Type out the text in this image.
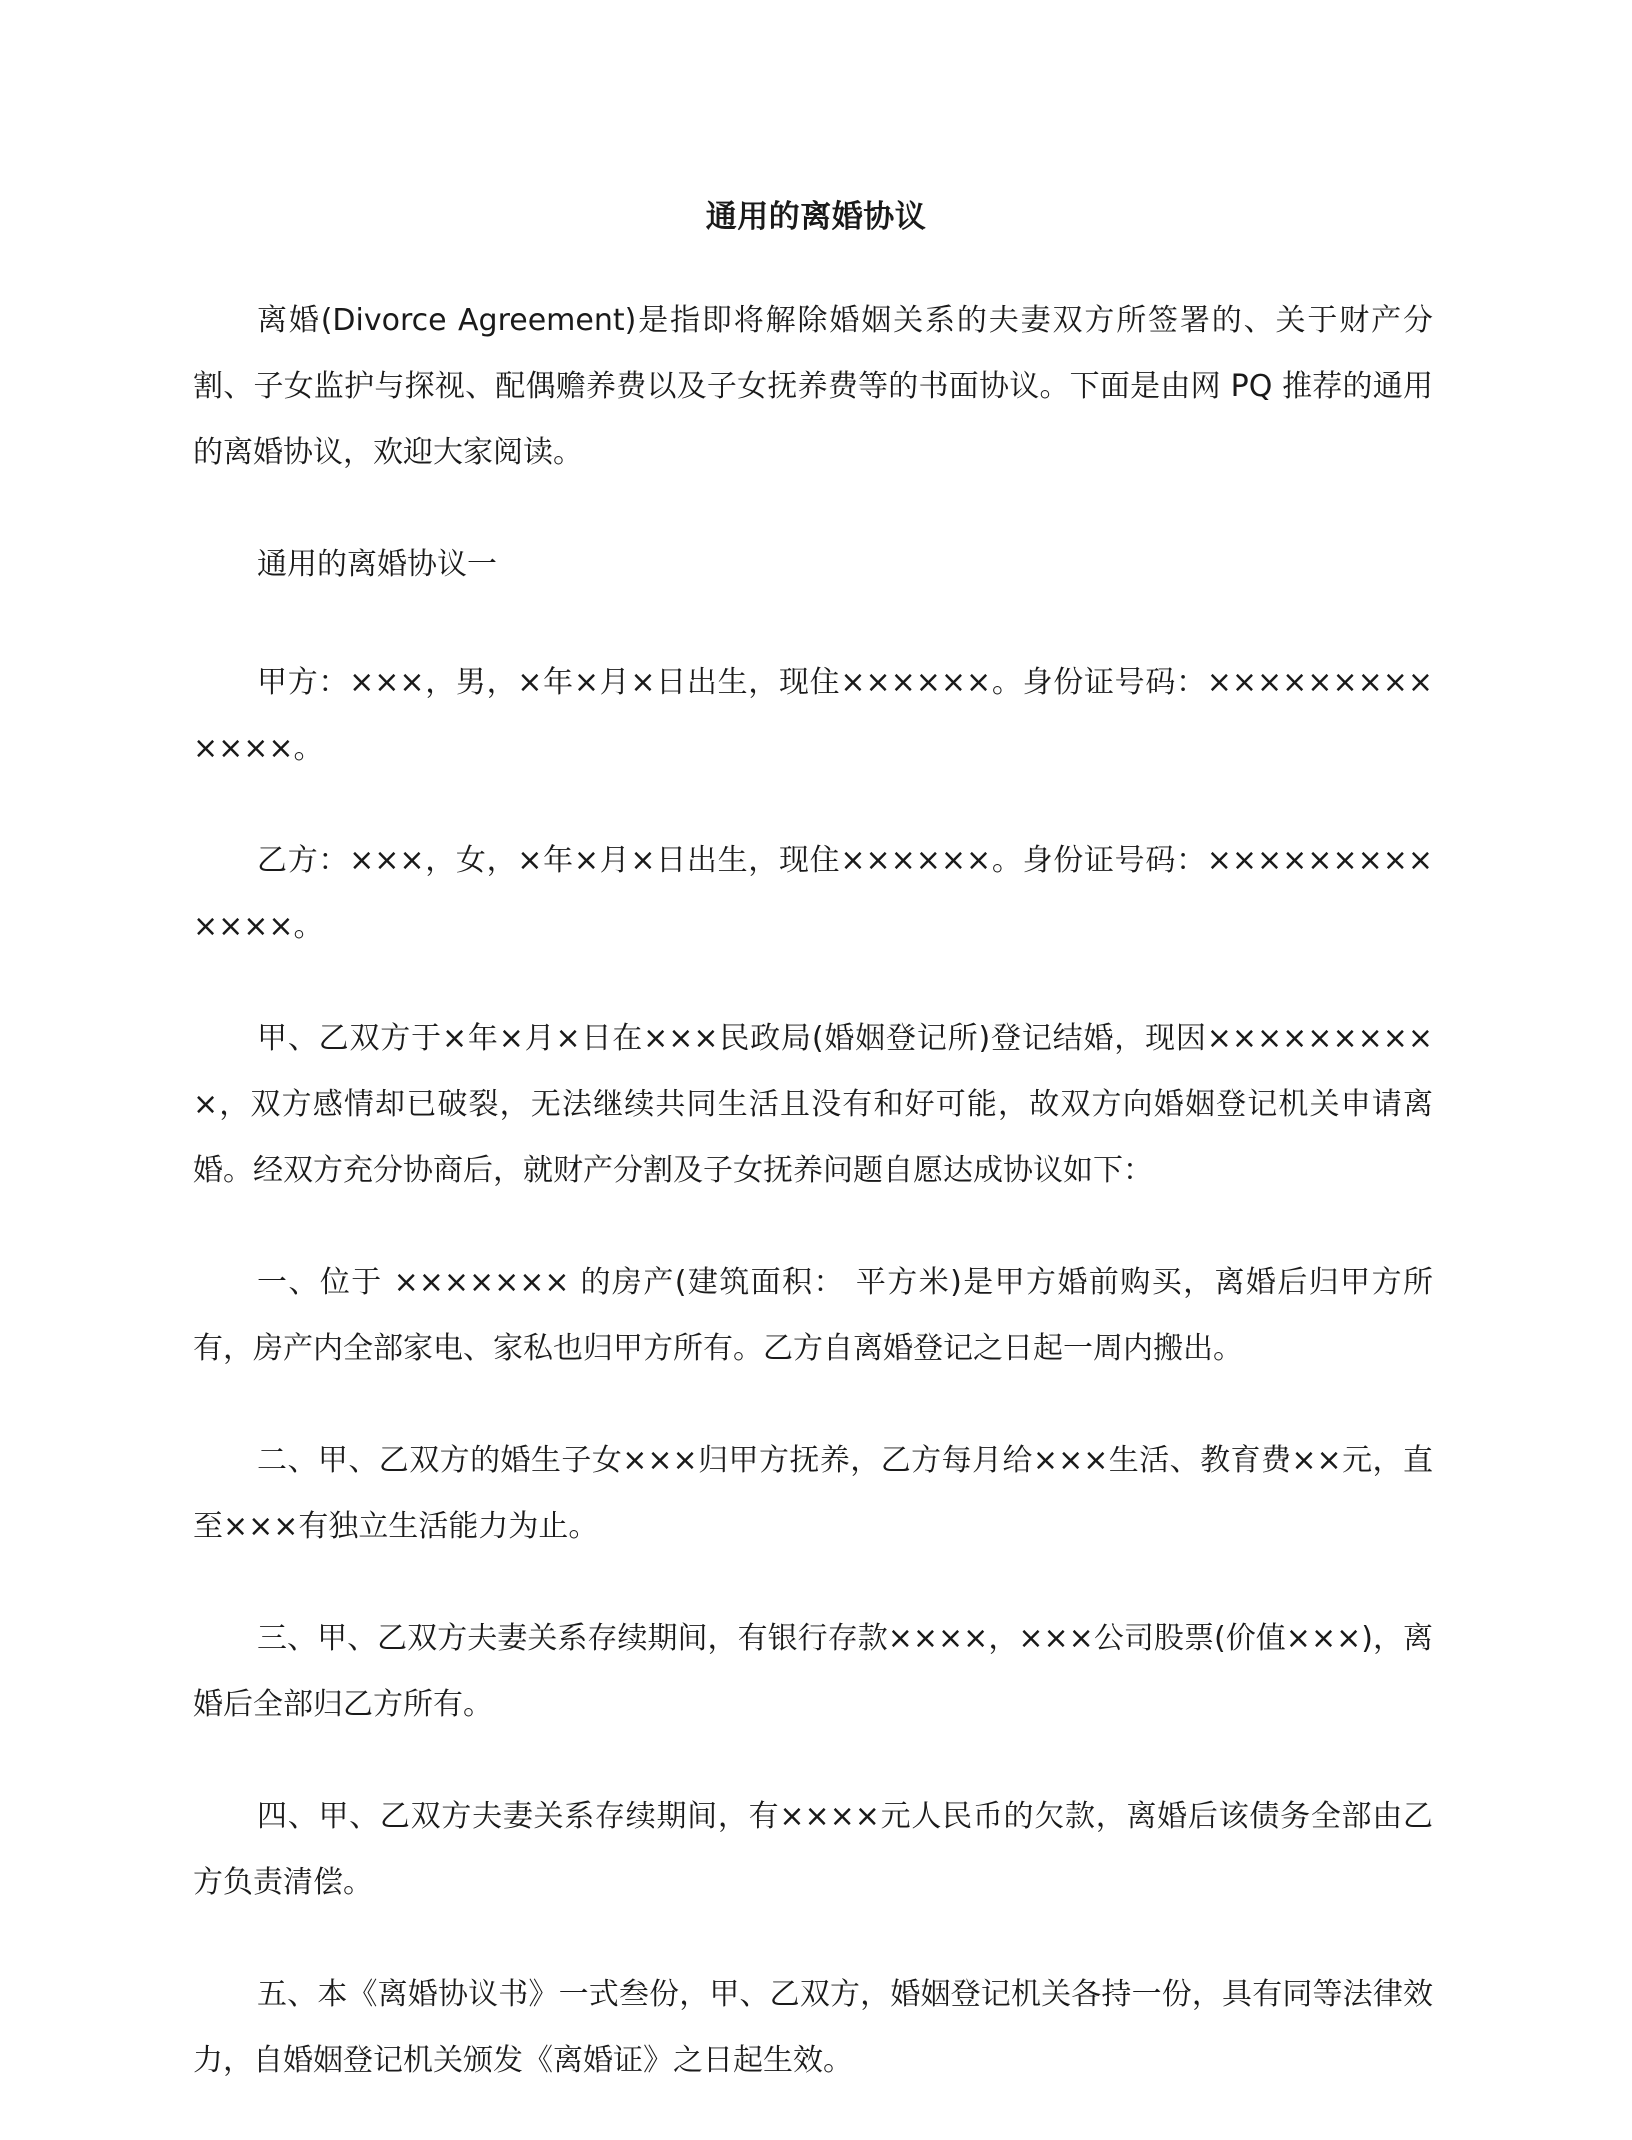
通用的离婚协议

离婚(Divorce Agreement)是指即将解除婚姻关系的夫妻双方所签署的、关于财产分割、子女监护与探视、配偶赡养费以及子女抚养费等的书面协议。下面是由网 PQ 推荐的通用的离婚协议，欢迎大家阅读。

通用的离婚协议一

甲方：×××，男，×年×月×日出生，现住××××××。身份证号码：×××××××××××××。

乙方：×××，女，×年×月×日出生，现住××××××。身份证号码：×××××××××××××。

甲、乙双方于×年×月×日在×××民政局(婚姻登记所)登记结婚，现因××××××××××，双方感情却已破裂，无法继续共同生活且没有和好可能，故双方向婚姻登记机关申请离婚。经双方充分协商后，就财产分割及子女抚养问题自愿达成协议如下：

一、位于 ××××××× 的房产(建筑面积： 平方米)是甲方婚前购买，离婚后归甲方所有，房产内全部家电、家私也归甲方所有。乙方自离婚登记之日起一周内搬出。

二、甲、乙双方的婚生子女×××归甲方抚养，乙方每月给×××生活、教育费××元，直至×××有独立生活能力为止。

三、甲、乙双方夫妻关系存续期间，有银行存款××××，×××公司股票(价值×××)，离婚后全部归乙方所有。

四、甲、乙双方夫妻关系存续期间，有××××元人民币的欠款，离婚后该债务全部由乙方负责清偿。

五、本《离婚协议书》一式叁份，甲、乙双方，婚姻登记机关各持一份，具有同等法律效力，自婚姻登记机关颁发《离婚证》之日起生效。
